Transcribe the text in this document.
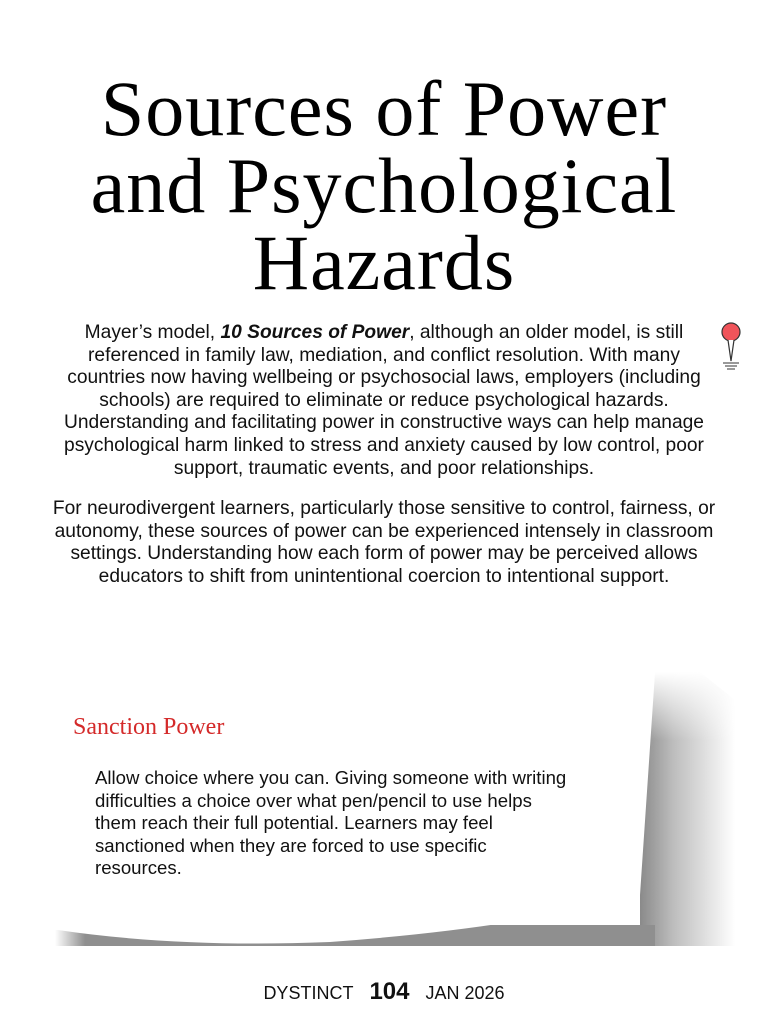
Sources of Power
and Psychological
Hazards

Mayer’s model, 10 Sources of Power, although an older model, is still referenced in family law, mediation, and conflict resolution. With many countries now having wellbeing or psychosocial laws, employers (including schools) are required to eliminate or reduce psychological hazards. Understanding and facilitating power in constructive ways can help manage psychological harm linked to stress and anxiety caused by low control, poor support, traumatic events, and poor relationships.

For neurodivergent learners, particularly those sensitive to control, fairness, or autonomy, these sources of power can be experienced intensely in classroom settings. Understanding how each form of power may be perceived allows educators to shift from unintentional coercion to intentional support.

Sanction Power

Allow choice where you can. Giving someone with writing difficulties a choice over what pen/pencil to use helps them reach their full potential. Learners may feel sanctioned when they are forced to use specific resources.

DYSTINCT 104 JAN 2026
